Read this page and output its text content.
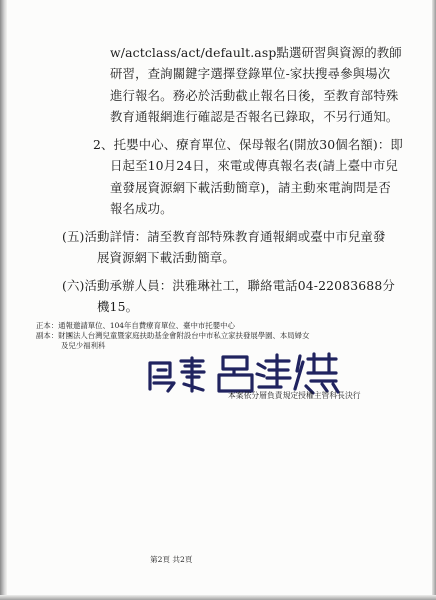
w/actclass/act/default.asp點選研習與資源的教師
研習，查詢關鍵字選擇登錄單位-家扶搜尋參與場次
進行報名。務必於活動截止報名日後，至教育部特殊
教育通報網進行確認是否報名已錄取，不另行通知。
2、托嬰中心、療育單位、保母報名(開放30個名額)：即
日起至10月24日，來電或傳真報名表(請上臺中市兒
童發展資源網下載活動簡章)，請主動來電詢問是否
報名成功。
(五)活動詳情：請至教育部特殊教育通報網或臺中市兒童發
展資源網下載活動簡章。
(六)活動承辦人員：洪雅琳社工，聯絡電話04-22083688分
機15。
正本：通報邀請單位、104年自費療育單位、臺中市托嬰中心
副本：財團法人台灣兒童暨家庭扶助基金會附設台中市私立家扶發展學園、本局婦女
及兒少福利科
本案依分層負責規定授權主管科長決行
第2頁 共2頁
